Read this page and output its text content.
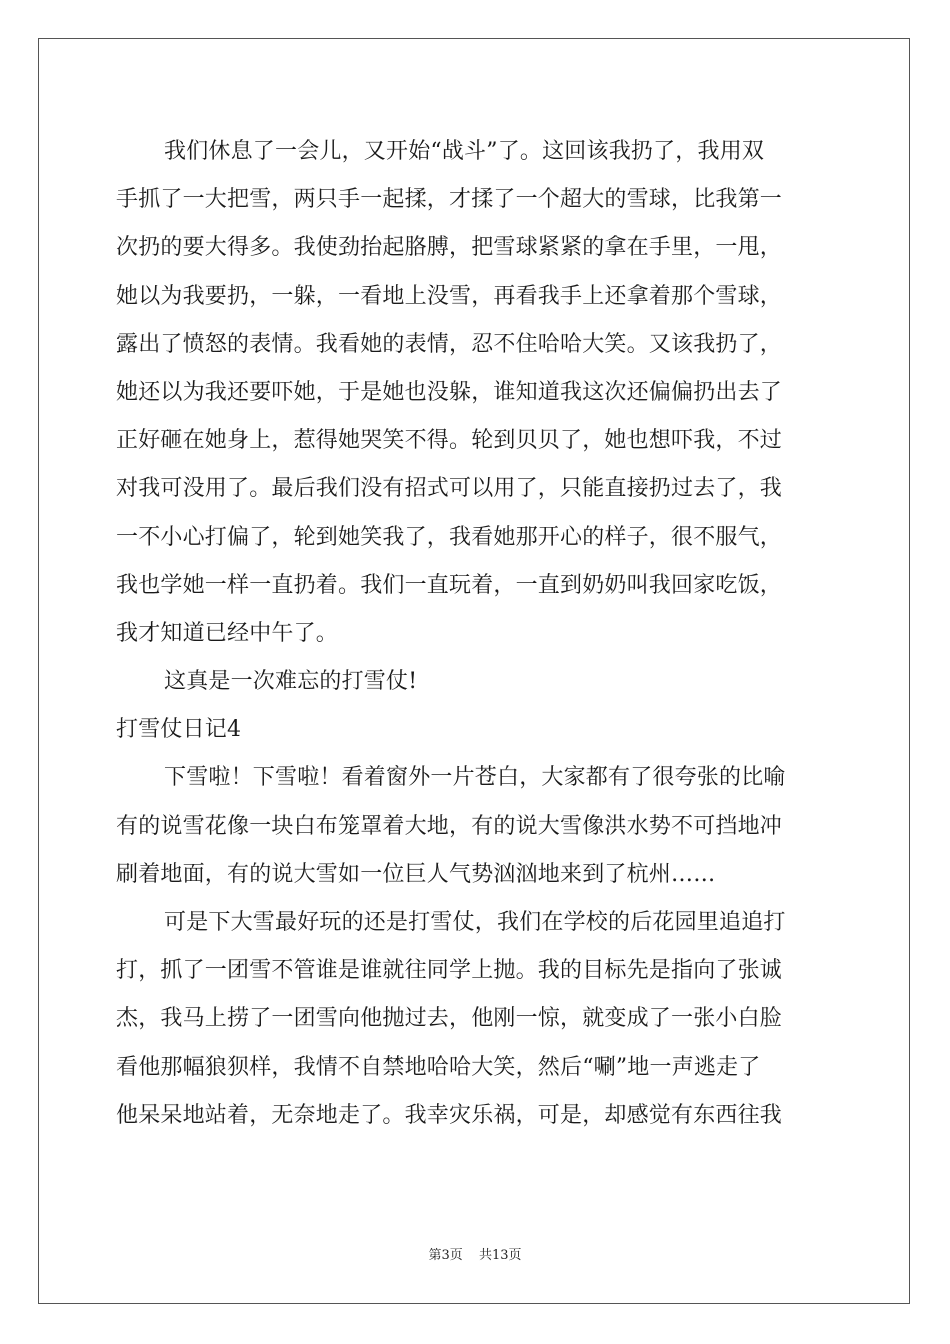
我们休息了一会儿，又开始“战斗”了。这回该我扔了，我用双
手抓了一大把雪，两只手一起揉，才揉了一个超大的雪球，比我第一
次扔的要大得多。我使劲抬起胳膊，把雪球紧紧的拿在手里，一甩，
她以为我要扔，一躲，一看地上没雪，再看我手上还拿着那个雪球，
露出了愤怒的表情。我看她的表情，忍不住哈哈大笑。又该我扔了，
她还以为我还要吓她，于是她也没躲，谁知道我这次还偏偏扔出去了
正好砸在她身上，惹得她哭笑不得。轮到贝贝了，她也想吓我，不过
对我可没用了。最后我们没有招式可以用了，只能直接扔过去了，我
一不小心打偏了，轮到她笑我了，我看她那开心的样子，很不服气，
我也学她一样一直扔着。我们一直玩着，一直到奶奶叫我回家吃饭，
我才知道已经中午了。
这真是一次难忘的打雪仗!
打雪仗日记4
下雪啦！下雪啦！看着窗外一片苍白，大家都有了很夸张的比喻
有的说雪花像一块白布笼罩着大地，有的说大雪像洪水势不可挡地冲
刷着地面，有的说大雪如一位巨人气势汹汹地来到了杭州……
可是下大雪最好玩的还是打雪仗，我们在学校的后花园里追追打
打，抓了一团雪不管谁是谁就往同学上抛。我的目标先是指向了张诚
杰，我马上捞了一团雪向他抛过去，他刚一惊，就变成了一张小白脸
看他那幅狼狈样，我情不自禁地哈哈大笑，然后“唰”地一声逃走了
他呆呆地站着，无奈地走了。我幸灾乐祸，可是，却感觉有东西往我
第3页 共13页
